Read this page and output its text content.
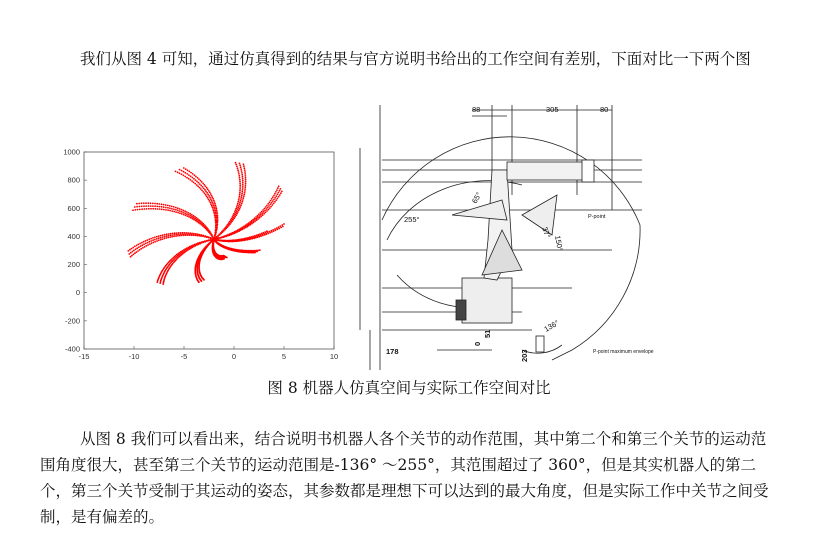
我们从图 4 可知，通过仿真得到的结果与官方说明书给出的工作空间有差别，下面对比一下两个图

-15	-10	-5	0	5	10
1000
800
600
400
200
0
-200
-400
88	305	80
178
51
0
203
255°
65°
37°
150°
136°
P-point
P-point maximum envelope
图 8 机器人仿真空间与实际工作空间对比

从图 8 我们可以看出来，结合说明书机器人各个关节的动作范围，其中第二个和第三个关节的运动范围角度很大，甚至第三个关节的运动范围是-136° ～255°，其范围超过了 360°，但是其实机器人的第二个，第三个关节受制于其运动的姿态，其参数都是理想下可以达到的最大角度，但是实际工作中关节之间受制，是有偏差的。
